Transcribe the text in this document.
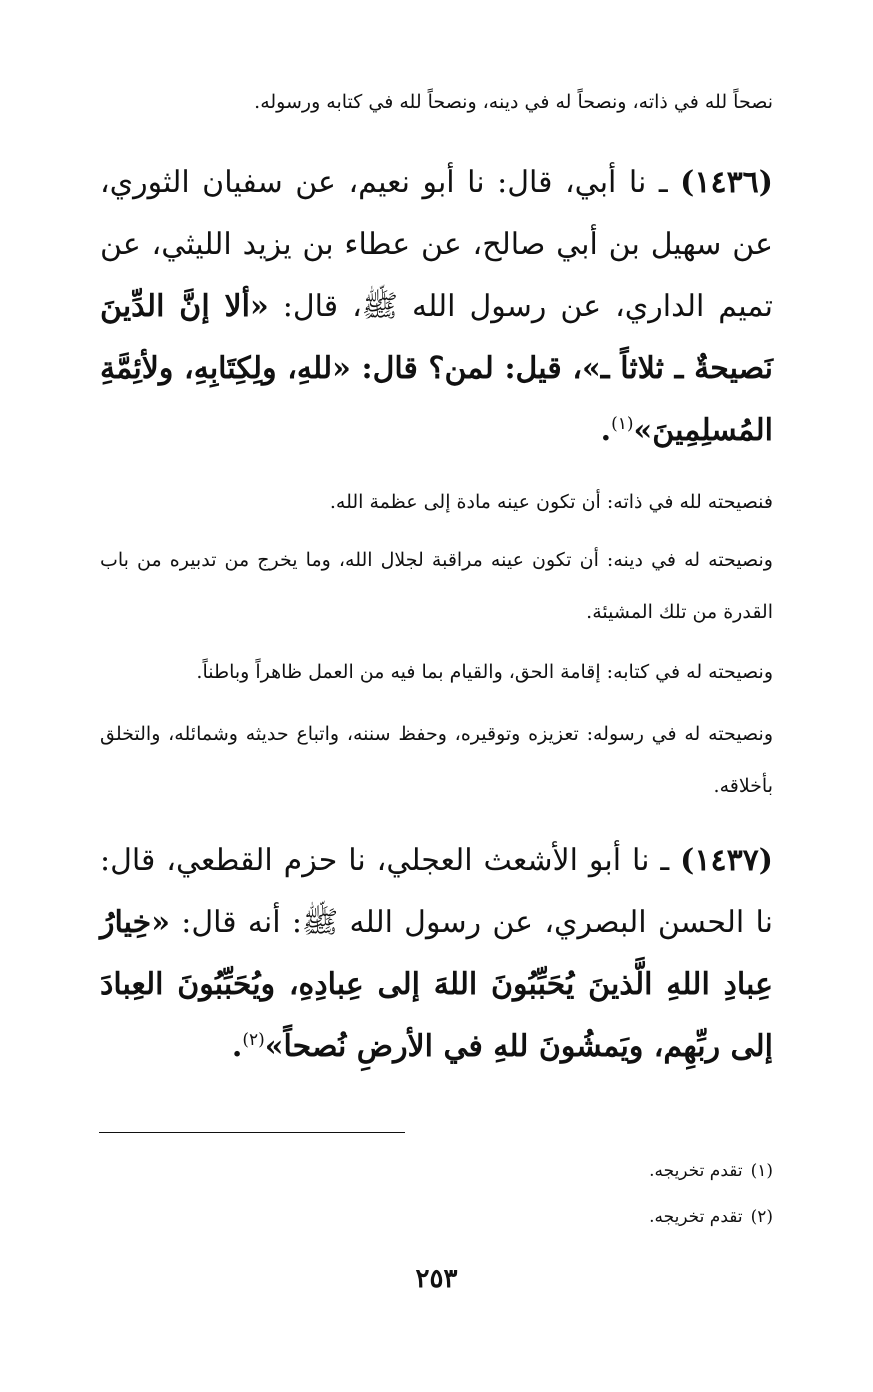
نصحاً لله في ذاته، ونصحاً له في دينه، ونصحاً لله في كتابه ورسوله.

(١٤٣٦) ـ نا أبي، قال: نا أبو نعيم، عن سفيان الثوري، عن سهيل بن أبي صالح، عن عطاء بن يزيد الليثي، عن تميم الداري، عن رسول الله ﷺ، قال: «ألا إنَّ الدِّينَ نَصيحةٌ ـ ثلاثاً ـ»، قيل: لمن؟ قال: «للهِ، ولِكِتَابِهِ، ولأئِمَّةِ المُسلِمِينَ»$^{(١)}$.

فنصيحته لله في ذاته: أن تكون عينه مادة إلى عظمة الله.

ونصيحته له في دينه: أن تكون عينه مراقبة لجلال الله، وما يخرج من تدبيره من باب القدرة من تلك المشيئة.

ونصيحته له في كتابه: إقامة الحق، والقيام بما فيه من العمل ظاهراً وباطناً.

ونصيحته له في رسوله: تعزيزه وتوقيره، وحفظ سننه، واتباع حديثه وشمائله، والتخلق بأخلاقه.

(١٤٣٧) ـ نا أبو الأشعث العجلي، نا حزم القطعي، قال: نا الحسن البصري، عن رسول الله ﷺ: أنه قال: «خِيارُ عِبادِ اللهِ الَّذينَ يُحَبِّبُونَ اللهَ إلى عِبادِهِ، ويُحَبِّبُونَ العِبادَ إلى ربِّهِم، ويَمشُونَ للهِ في الأرضِ نُصحاً»$^{(٢)}$.

(١)تقدم تخريجه.
(٢)تقدم تخريجه.
٢٥٣
